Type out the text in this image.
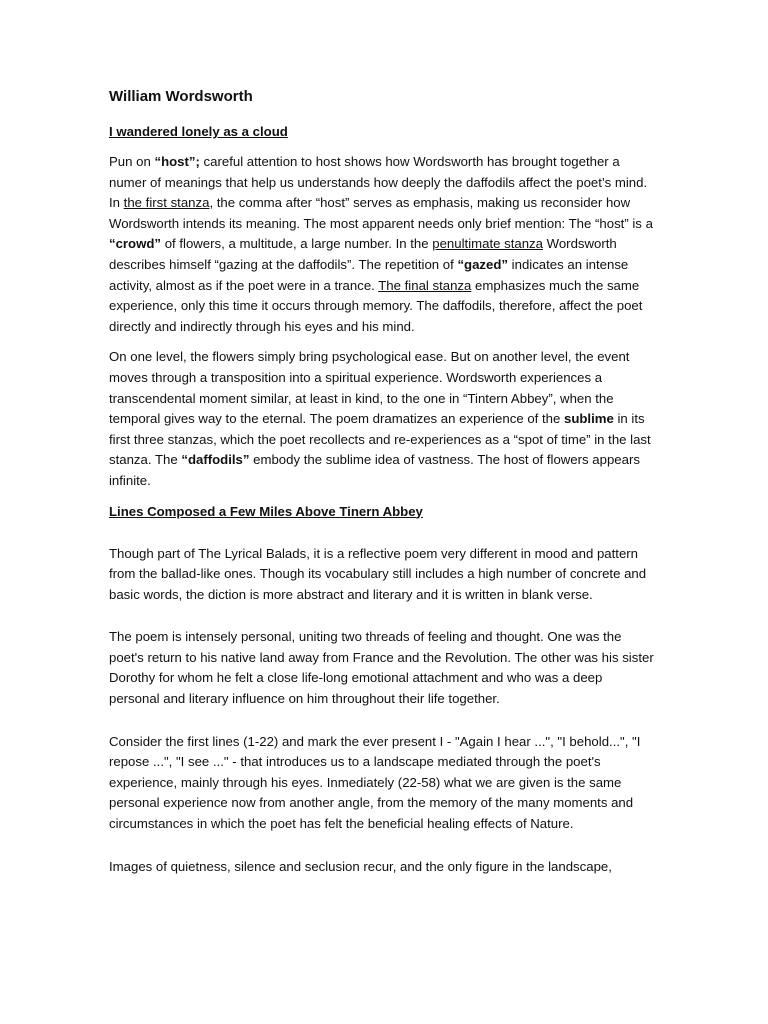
William Wordsworth
I wandered lonely as a cloud

Pun on “host”; careful attention to host shows how Wordsworth has brought together a numer of meanings that help us understands how deeply the daffodils affect the poet’s mind. In the first stanza, the comma after “host” serves as emphasis, making us reconsider how Wordsworth intends its meaning. The most apparent needs only brief mention: The “host” is a “crowd” of flowers, a multitude, a large number. In the penultimate stanza Wordsworth describes himself “gazing at the daffodils”. The repetition of “gazed” indicates an intense activity, almost as if the poet were in a trance. The final stanza emphasizes much the same experience, only this time it occurs through memory. The daffodils, therefore, affect the poet directly and indirectly through his eyes and his mind.

On one level, the flowers simply bring psychological ease. But on another level, the event moves through a transposition into a spiritual experience. Wordsworth experiences a transcendental moment similar, at least in kind, to the one in “Tintern Abbey”, when the temporal gives way to the eternal. The poem dramatizes an experience of the sublime in its first three stanzas, which the poet recollects and re-experiences as a “spot of time” in the last stanza. The “daffodils” embody the sublime idea of vastness. The host of flowers appears infinite.

Lines Composed a Few Miles Above Tinern Abbey

Though part of The Lyrical Balads, it is a reflective poem very different in mood and pattern from the ballad-like ones. Though its vocabulary still includes a high number of concrete and basic words, the diction is more abstract and literary and it is written in blank verse.

The poem is intensely personal, uniting two threads of feeling and thought. One was the poet's return to his native land away from France and the Revolution. The other was his sister Dorothy for whom he felt a close life-long emotional attachment and who was a deep personal and literary influence on him throughout their life together.

Consider the first lines (1-22) and mark the ever present I - "Again I hear ...", "I behold...", "I repose ...", "I see ..." - that introduces us to a landscape mediated through the poet's experience, mainly through his eyes. Inmediately (22-58) what we are given is the same personal experience now from another angle, from the memory of the many moments and circumstances in which the poet has felt the beneficial healing effects of Nature.

Images of quietness, silence and seclusion recur, and the only figure in the landscape,
